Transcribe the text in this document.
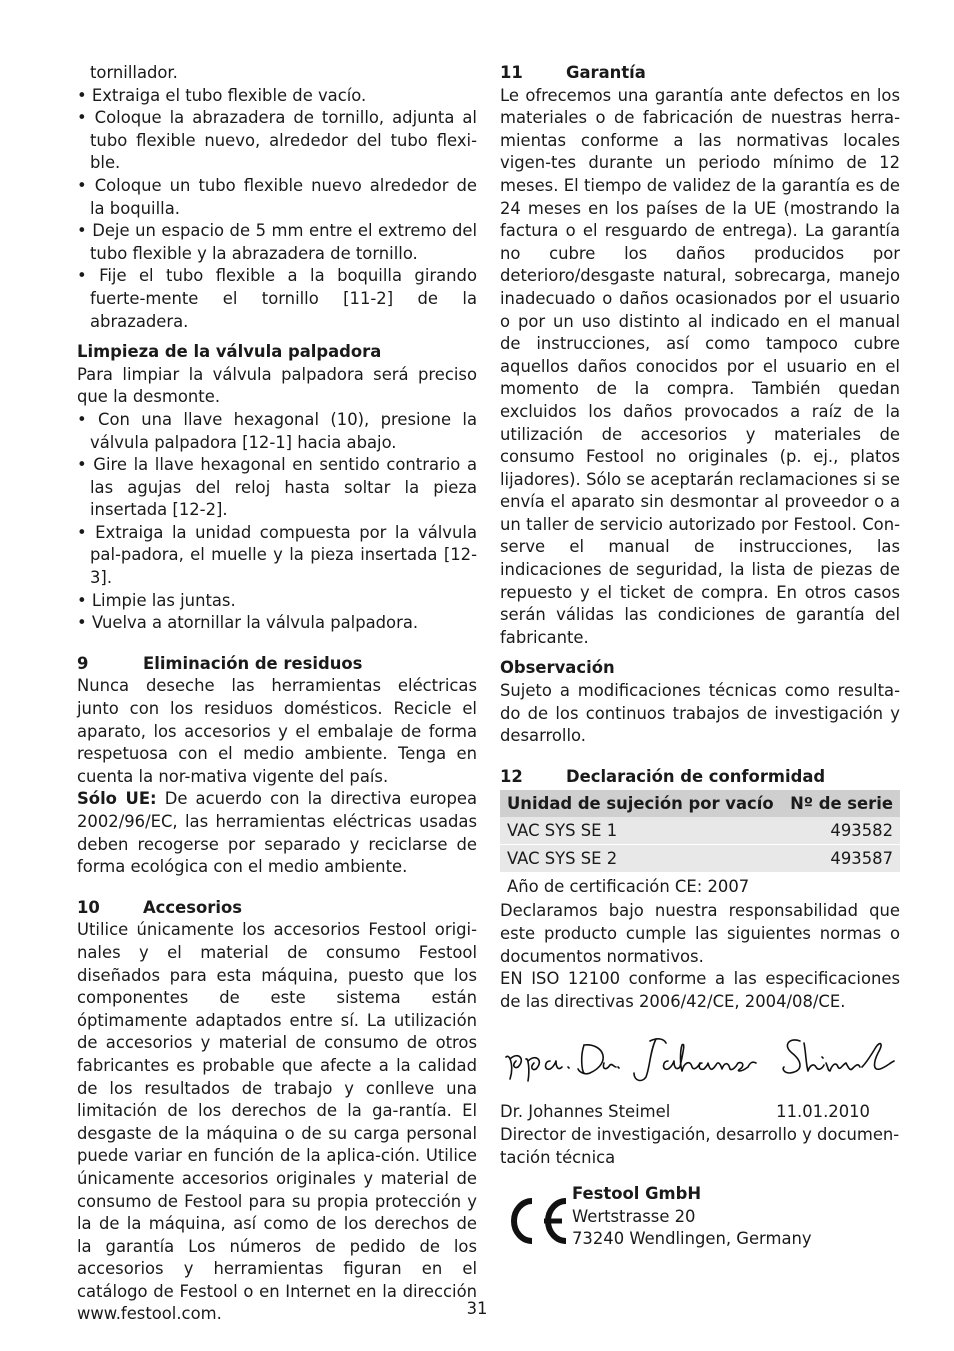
tornillador.

• Extraiga el tubo flexible de vacío.

• Coloque la abrazadera de tornillo, adjunta al tubo flexible nuevo, alrededor del tubo flexi-ble.

• Coloque un tubo flexible nuevo alrededor de la boquilla.

• Deje un espacio de 5 mm entre el extremo del tubo flexible y la abrazadera de tornillo.

• Fije el tubo flexible a la boquilla girando fuerte-mente el tornillo [11-2] de la abrazadera.

Limpieza de la válvula palpadora

Para limpiar la válvula palpadora será preciso que la desmonte.

• Con una llave hexagonal (10), presione la válvula palpadora [12-1] hacia abajo.

• Gire la llave hexagonal en sentido contrario a las agujas del reloj hasta soltar la pieza insertada [12-2].

• Extraiga la unidad compuesta por la válvula pal-padora, el muelle y la pieza insertada [12-3].

• Limpie las juntas.

• Vuelva a atornillar la válvula palpadora.

9	Eliminación de residuos

Nunca deseche las herramientas eléctricas junto con los residuos domésticos. Recicle el aparato, los accesorios y el embalaje de forma respetuosa con el medio ambiente. Tenga en cuenta la nor-mativa vigente del país.

Sólo UE: De acuerdo con la directiva europea 2002/96/EC, las herramientas eléctricas usadas deben recogerse por separado y reciclarse de forma ecológica con el medio ambiente.

10	Accesorios

Utilice únicamente los accesorios Festool origi-nales y el material de consumo Festool diseñados para esta máquina, puesto que los componentes de este sistema están óptimamente adaptados entre sí. La utilización de accesorios y material de consumo de otros fabricantes es probable que afecte a la calidad de los resultados de trabajo y conlleve una limitación de los derechos de la ga-rantía. El desgaste de la máquina o de su carga personal puede variar en función de la aplica-ción. Utilice únicamente accesorios originales y material de consumo de Festool para su propia protección y la de la máquina, así como de los derechos de la garantía Los números de pedido de los accesorios y herramientas figuran en el catálogo de Festool o en Internet en la dirección www.festool.com.

11	Garantía

Le ofrecemos una garantía ante defectos en los materiales o de fabricación de nuestras herra-mientas conforme a las normativas locales vigen-tes durante un periodo mínimo de 12 meses. El tiempo de validez de la garantía es de 24 meses en los países de la UE (mostrando la factura o el resguardo de entrega). La garantía no cubre los daños producidos por deterioro/desgaste natural, sobrecarga, manejo inadecuado o daños ocasionados por el usuario o por un uso distinto al indicado en el manual de instrucciones, así como tampoco cubre aquellos daños conocidos por el usuario en el momento de la compra. También quedan excluidos los daños provocados a raíz de la utilización de accesorios y materiales de consumo Festool no originales (p. ej., platos lijadores). Sólo se aceptarán reclamaciones si se envía el aparato sin desmontar al proveedor o a un taller de servicio autorizado por Festool. Con-serve el manual de instrucciones, las indicaciones de seguridad, la lista de piezas de repuesto y el ticket de compra. En otros casos serán válidas las condiciones de garantía del fabricante.

Observación

Sujeto a modificaciones técnicas como resulta-do de los continuos trabajos de investigación y desarrollo.

12	Declaración de conformidad

Unidad de sujeción por vacío	Nº de serie
VAC SYS SE 1	493582
VAC SYS SE 2	493587
Año de certificación CE: 2007	

Declaramos bajo nuestra responsabilidad que este producto cumple las siguientes normas o documentos normativos.

EN ISO 12100 conforme a las especificaciones de las directivas 2006/42/CE, 2004/08/CE.

Dr. Johannes Steimel	11.01.2010

Director de investigación, desarrollo y documen-tación técnica

Festool GmbH

Wertstrasse 20

73240 Wendlingen, Germany

31
